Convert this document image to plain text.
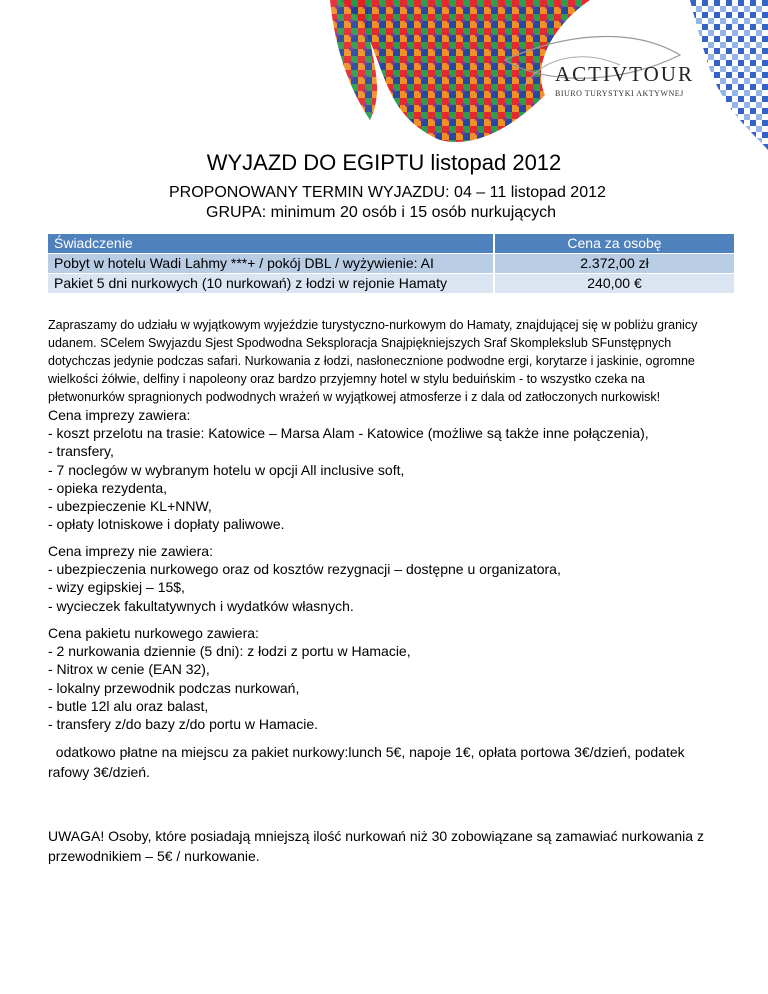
ACTIVTOUR
BIURO TURYSTYKI AKTYWNEJ
WYJAZD DO EGIPTU listopad 2012
PROPONOWANY TERMIN WYJAZDU: 04 – 11 listopad 2012
GRUPA: minimum 20 osób i 15 osób nurkujących
Świadczenie	Cena za osobę
Pobyt w hotelu Wadi Lahmy ***+ / pokój DBL / wyżywienie: AI	2.372,00 zł
Pakiet 5 dni nurkowych (10 nurkowań) z łodzi w rejonie Hamaty	240,00 €
Zapraszamy do udziału w wyjątkowym wyjeździe turystyczno-nurkowym do Hamaty, znajdującej się w pobliżu granicy
udanem. SCelem Swyjazdu Sjest Spodwodna Seksploracja Snajpiękniejszych Sraf Skomplekslub SFunstępnych
dotychczas jedynie podczas safari. Nurkowania z łodzi, nasłonecznione podwodne ergi, korytarze i jaskinie, ogromne
wielkości żółwie, delfiny i napoleony oraz bardzo przyjemny hotel w stylu beduińskim - to wszystko czeka na
płetwonurków spragnionych podwodnych wrażeń w wyjątkowej atmosferze i z dala od zatłoczonych nurkowisk!
Cena imprezy zawiera:
- koszt przelotu na trasie: Katowice – Marsa Alam - Katowice (możliwe są także inne połączenia),
- transfery,
- 7 noclegów w wybranym hotelu w opcji All inclusive soft,
- opieka rezydenta,
- ubezpieczenie KL+NNW,
- opłaty lotniskowe i dopłaty paliwowe.
Cena imprezy nie zawiera:
- ubezpieczenia nurkowego oraz od kosztów rezygnacji – dostępne u organizatora,
- wizy egipskiej – 15$,
- wycieczek fakultatywnych i wydatków własnych.
Cena pakietu nurkowego zawiera:
- 2 nurkowania dziennie (5 dni): z łodzi z portu w Hamacie,
- Nitrox w cenie (EAN 32),
- lokalny przewodnik podczas nurkowań,
- butle 12l alu oraz balast,
- transfery z/do bazy z/do portu w Hamacie.
odatkowo płatne na miejscu za pakiet nurkowy:lunch 5€, napoje 1€, opłata portowa 3€/dzień, podatek
rafowy 3€/dzień.
UWAGA! Osoby, które posiadają mniejszą ilość nurkowań niż 30 zobowiązane są zamawiać nurkowania z
przewodnikiem – 5€ / nurkowanie.
